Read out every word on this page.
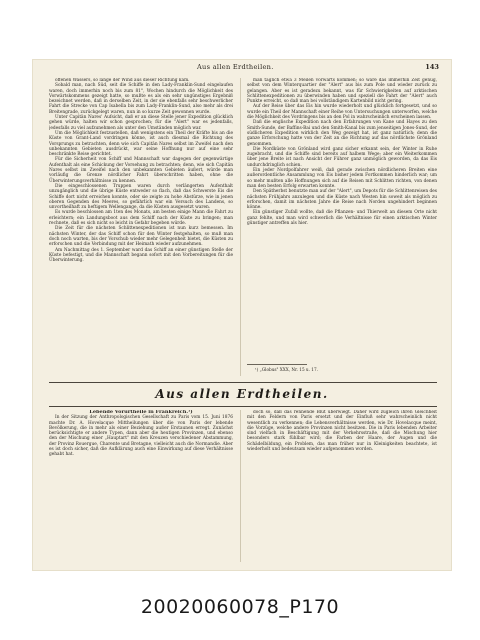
Aus allen Erdtheilen.	143

offenen Wassers, so lange der Wind aus dieser Richtung kam.

Sobald man, nach Süd, seit die Schiffe in den Lady-Franklin-Sund eingelaufen waren, doch immerhin noch bis zum 81°, Wochen hindurch die Möglichkeit des Vorwärtskommens gezeigt hatte, so mußte es als ein sehr ungünstiges Ergebniß bezeichnet werden, daß in derselben Zeit, in der sie ebenfalls sehr beschwerlicher Fahrt die Strecke von Cap Isabella bis zum Lady-Franklin-Sund, also mehr als drei Breitengrade, zurückgelegt waren, nun in so kurze Zeit gewonnen wurde.

Unter Capitän Nares' Aufsicht, daß er an diese Stelle jener Expedition glücklich gehen würde, halten wir schon gesprochen; für die "Alert" war es jedenfalls, jedesfalls zu viel aufzunehmen als unter den Umständen möglich war.

Um die Möglichkeit festzustellen, daß wenigstens ein Theil der Kräfte bis an die Küste von Grant-Land vordringen könne, ist auch diesmal die Richtung des Vorsprungs zu betrachten, denn wie sich Capitän Nares selbst im Zweifel nach den unbekannten Gebieten ausdrückt, war seine Hoffnung nur auf eine sehr beschränkte Reise gerichtet.

Für die Sicherheit von Schiff und Mannschaft war dagegen der gegenwärtige Aufenthalt als eine Schickung der Vorsehung zu betrachten; denn, wie sich Capitän Nares selbst im Zweifel nach den unbekannten Gebieten äußert, würde man vorläufig die Grenze nördlicher Fahrt überschritten haben, ohne die Überwinterungsverhältnisse zu kennen.

Die eingeschlossenen Truppen waren durch verlängerten Aufenthalt unzugänglich und die übrige Küste entweder so flach, daß das Schwerste Eis die Schiffe dort nicht erreichen konnte, oder sie zeigte zu hohe Abstürze, wie in jenen oberen Gegenden des Meeres, so gefährlich war ein Versuch des Landens, so unvortheilhaft zu heftigem Wellengange, da die Küsten ausgesetzt waren.

Es wurde beschlossen am 1ten des Monats, am besten einige Mann die Fahrt zu erleichtern; ein Landungsboot aus dem Schiff nach der Küste zu bringen; man rechnete, daß es sich nicht so leicht in Gefahr begeben würde.

Die Zeit für die nächsten Schlittenexpeditionen ist nun kurz bemessen. Im nächsten Winter, der das Schiff schon für den Winter festgehalten, so muß man doch noch warten, bis der Vorschub wieder mehr Gelegenheit bietet, die Küsten zu erforschen und die Verbindung mit der Heimath wieder aufzunehmen.

Am Nachmittag des 1. September ward das Schiff an einer günstigen Stelle der Küste befestigt, und die Mannschaft begann sofort mit den Vorbereitungen für die Überwinterung.

man täglich etwa 3 Meilen vorwärts kommen; so wäre das immerhin Zeit genug, selbst von dem Winterquartier der "Alert" aus bis zum Pole und wieder zurück zu gelangen. Aber es ist geradezu bekannt, was für Schwierigkeiten auf arktischen Schlittenexpeditionen zu überwinden haben und speziell die Fahrt der "Alert" auch Punkte erreicht, so daß man bei vollständigem Kartenbild nicht gering.

Auf der Reise über das Eis hin wurde wiederholt und glücklich fortgesetzt, und so wurde ein Theil der Mannschaft einer Reihe von Untersuchungen unterworfen, welche die Möglichkeit des Vordringens bis an den Pol in wahrscheinlich erscheinen lassen.

Daß die englische Expedition nach den Erfahrungen von Kane und Hayes zu den Smith-Sunde, der Baffins-Bai und den Smith-Kanal bis zum jenseitigen Jones-Sund, der südlicheren Expedition wirklich den Weg gezeigt hat, ist ganz natürlich; denn die ganze Erforschung hatte von der Zeit an die Richtung auf das nördlichste Grönland genommen.

Die Nordküste von Grönland wird ganz sicher erkannt sein, der Winter in Ruhe zugebracht, und die Schiffe sind bereits auf halbem Wege; aber ein Weiterkommen über jene Breite ist nach Ansicht der Führer ganz unmöglich geworden, da das Eis undurchdringlich schien.

Ein jeder Nordpolfahrer weiß, daß gerade zwischen nördlicheren Breiten eine außerordentliche Ansammlung von Eis bisher jedem Fortkommen hinderlich war; um so mehr mußten alle Hoffnungen sich auf die Reisen mit Schlitten richten, von denen man den besten Erfolg erwarten konnte.

Den Spätherbst benutzte man auf der "Alert", um Depots für die Schlittenreisen des nächsten Frühjahrs anzulegen und die Küste nach Westen hin soweit als möglich zu erforschen, damit im nächsten Jahre die Reise nach Norden ungehindert beginnen könne.

Ein günstiger Zufall wollte, daß die Pflanzen- und Thierwelt an diesem Orte nicht ganz fehlte, und man wird schwerlich die Verhältnisse für einen arktischen Winter günstiger antreffen als hier.

¹) „Globus" XXX, Nr. 15 u. 17.
Aus allen Erdtheilen.

Lebende Vorurtheile in Frankreich.¹)

In der Sitzung der Anthropologischen Gesellschaft zu Paris vom 15. Juni 1876 machte Dr. A. Hovelacque Mittheilungen über die von Paris der lebende Bevölkerung, die in mehr als einer Beziehung außer Erstaunen erregt. Zunächst berücksichtigte er andere Typen, dann aber die heutigen Provinzen, und ebenso den der Mischung einer „Hauptart" mit den Kreuzen verschiedener Abstammung, der Provinz Rouergue, Charente und Bretagne, vielleicht auch die Normandie. Aber es ist doch sicher, daß die Aufklärung auch eine Einwirkung auf diese Verhältnisse gehabt hat.

doch so, daß das rennende Blut überwiegt. Daher wird zugleich ihren Gleichheit mit den Feldern von Paris ersetzt und der Einfluß sehr wahrscheinlich nicht wesentlich zu verkennen; die Lebensverhältnisse werden, wie Dr. Hovelacque meint, die Vorzüge, welche andere Provinzen nicht besitzen. Die in Paris lebenden Arbeiter sind vielfach in Beschäftigung mit der Verkehrsstraße, daß die Mischung hier besonders stark fühlbar wird; die Farben der Haare, der Augen und die Schädelbildung, ein Problem, das man früher nur in Kleinigkeiten beachtete, ist wiederholt und bedeutsam wieder aufgenommen worden.

20020060078_P170
